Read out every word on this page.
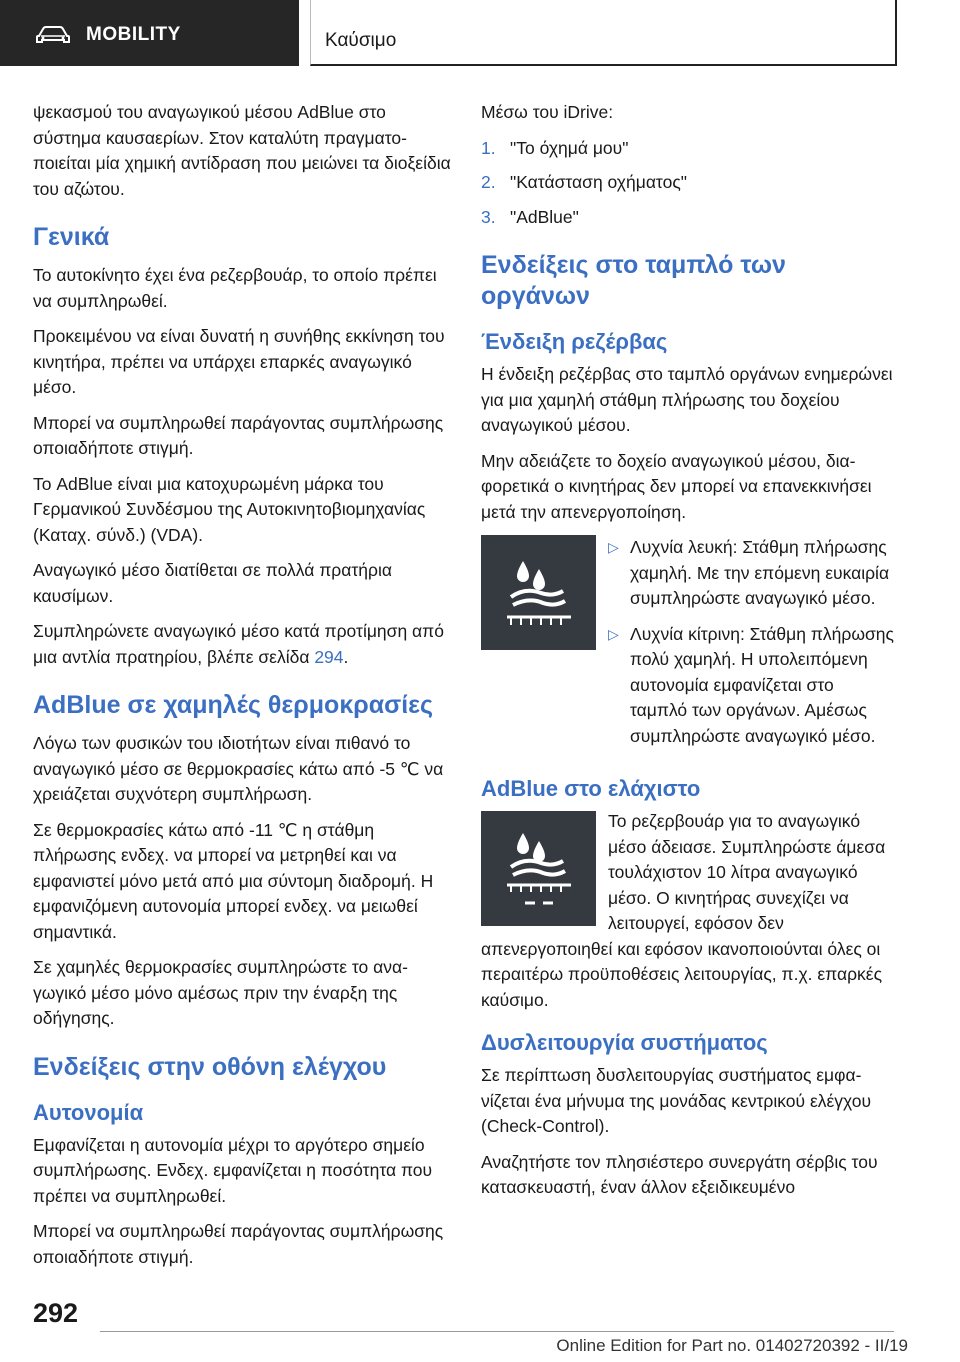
MOBILITY	Καύσιμο

ψεκασμού του αναγωγικού μέσου AdBlue στο σύστημα καυσαερίων. Στον καταλύτη πραγματοποιείται μία χημική αντίδραση που μειώνει τα διοξείδια του αζώτου.

Γενικά

Το αυτοκίνητο έχει ένα ρεζερβουάρ, το οποίο πρέπει να συμπληρωθεί.

Προκειμένου να είναι δυνατή η συνήθης εκκίνηση του κινητήρα, πρέπει να υπάρχει επαρκές αναγωγικό μέσο.

Μπορεί να συμπληρωθεί παράγοντας συμπλήρωσης οποιαδήποτε στιγμή.

Το AdBlue είναι μια κατοχυρωμένη μάρκα του Γερμανικού Συνδέσμου της Αυτοκινητοβιομηχανίας (Καταχ. σύνδ.) (VDA).

Αναγωγικό μέσο διατίθεται σε πολλά πρατήρια καυσίμων.

Συμπληρώνετε αναγωγικό μέσο κατά προτίμηση από μια αντλία πρατηρίου, βλέπε σελίδα 294.

AdBlue σε χαμηλές θερμοκρασίες

Λόγω των φυσικών του ιδιοτήτων είναι πιθανό το αναγωγικό μέσο σε θερμοκρασίες κάτω από ‑5 ℃ να χρειάζεται συχνότερη συμπλήρωση.

Σε θερμοκρασίες κάτω από ‑11 ℃ η στάθμη πλήρωσης ενδεχ. να μπορεί να μετρηθεί και να εμφανιστεί μόνο μετά από μια σύντομη διαδρομή. Η εμφανιζόμενη αυτονομία μπορεί ενδεχ. να μειωθεί σημαντικά.

Σε χαμηλές θερμοκρασίες συμπληρώστε το αναγωγικό μέσο μόνο αμέσως πριν την έναρξη της οδήγησης.

Ενδείξεις στην οθόνη ελέγχου
Αυτονομία

Εμφανίζεται η αυτονομία μέχρι το αργότερο σημείο συμπλήρωσης. Ενδεχ. εμφανίζεται η ποσότητα που πρέπει να συμπληρωθεί.

Μπορεί να συμπληρωθεί παράγοντας συμπλήρωσης οποιαδήποτε στιγμή.

Μέσω του iDrive:

1. "Το όχημά μου"
2. "Κατάσταση οχήματος"
3. "AdBlue"
Ενδείξεις στο ταμπλό των οργάνων
Ένδειξη ρεζέρβας

Η ένδειξη ρεζέρβας στο ταμπλό οργάνων ενημερώνει για μια χαμηλή στάθμη πλήρωσης του δοχείου αναγωγικού μέσου.

Μην αδειάζετε το δοχείο αναγωγικού μέσου, διαφορετικά ο κινητήρας δεν μπορεί να επανεκκινήσει μετά την απενεργοποίηση.

▷ Λυχνία λευκή: Στάθμη πλήρωσης χαμηλή. Με την επόμενη ευκαιρία συμπληρώστε αναγωγικό μέσο.
▷ Λυχνία κίτρινη: Στάθμη πλήρωσης πολύ χαμηλή. Η υπολειπόμενη αυτονομία εμφανίζεται στο ταμπλό των οργάνων. Αμέσως συμπληρώστε αναγωγικό μέσο.
AdBlue στο ελάχιστο

Το ρεζερβουάρ για το αναγωγικό μέσο άδειασε. Συμπληρώστε άμεσα τουλάχιστον 10 λίτρα αναγωγικό μέσο. Ο κινητήρας συνεχίζει να λειτουργεί, εφόσον δεν απενεργοποιηθεί και εφόσον ικανοποιούνται όλες οι περαιτέρω προϋποθέσεις λειτουργίας, π.χ. επαρκές καύσιμο.

Δυσλειτουργία συστήματος

Σε περίπτωση δυσλειτουργίας συστήματος εμφανίζεται ένα μήνυμα της μονάδας κεντρικού ελέγχου (Check-Control).

Αναζητήστε τον πλησιέστερο συνεργάτη σέρβις του κατασκευαστή, έναν άλλον εξειδικευμένο

292
Online Edition for Part no. 01402720392 - II/19
